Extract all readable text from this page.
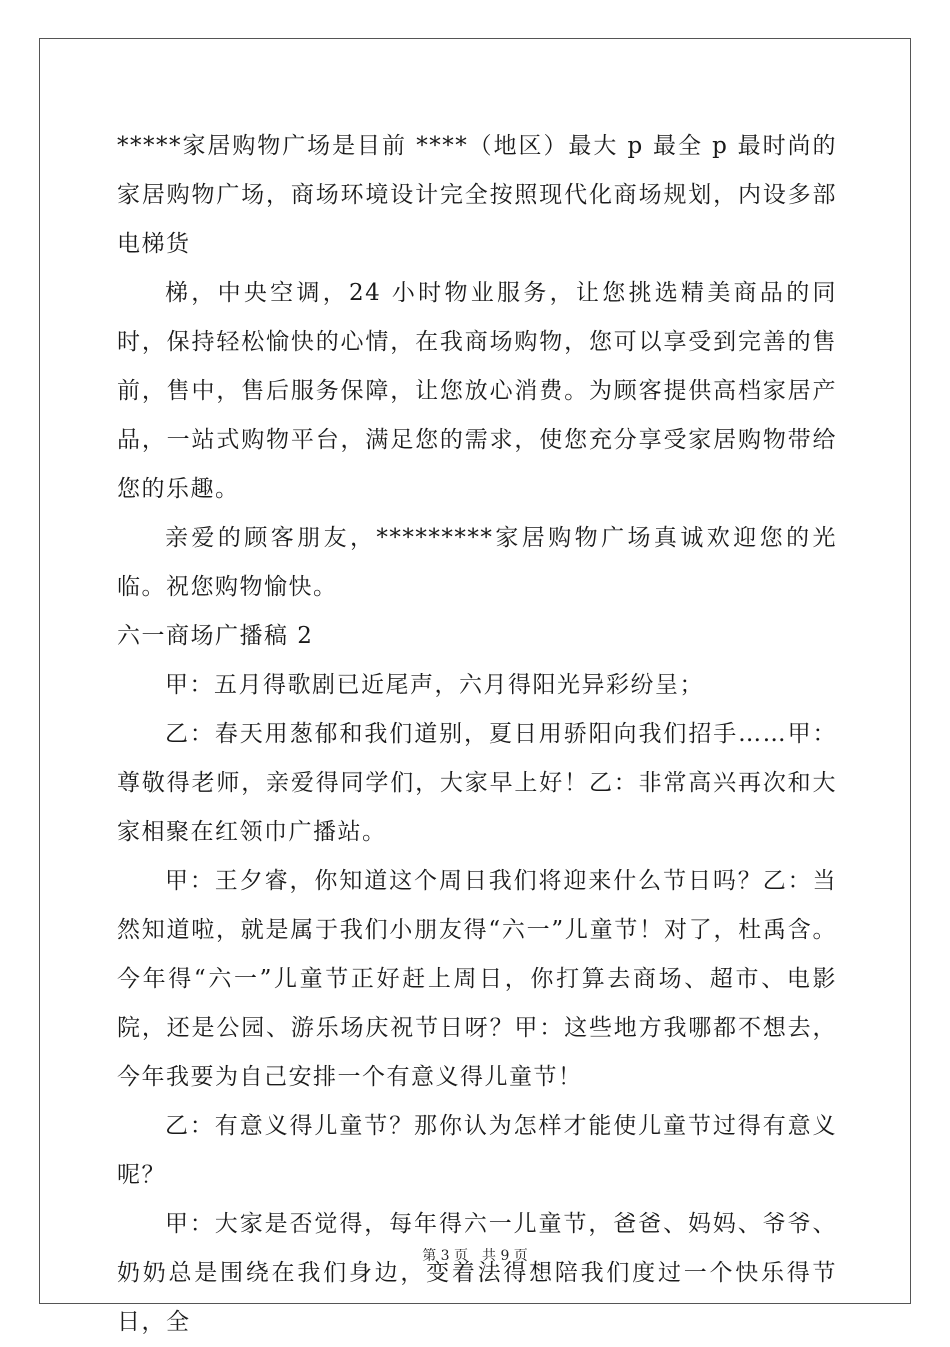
*****家居购物广场是目前 ****（地区）最大 p 最全 p 最时尚的家居购物广场，商场环境设计完全按照现代化商场规划，内设多部电梯货

梯，中央空调，24 小时物业服务，让您挑选精美商品的同时，保持轻松愉快的心情，在我商场购物，您可以享受到完善的售前，售中，售后服务保障，让您放心消费。为顾客提供高档家居产品，一站式购物平台，满足您的需求，使您充分享受家居购物带给您的乐趣。

亲爱的顾客朋友，*********家居购物广场真诚欢迎您的光临。祝您购物愉快。

六一商场广播稿 2

甲：五月得歌剧已近尾声，六月得阳光异彩纷呈；

乙：春天用葱郁和我们道别，夏日用骄阳向我们招手……甲：尊敬得老师，亲爱得同学们，大家早上好！乙：非常高兴再次和大家相聚在红领巾广播站。

甲：王夕睿，你知道这个周日我们将迎来什么节日吗？乙：当然知道啦，就是属于我们小朋友得“六一”儿童节！对了，杜禹含。今年得“六一”儿童节正好赶上周日，你打算去商场、超市、电影院，还是公园、游乐场庆祝节日呀？甲：这些地方我哪都不想去，今年我要为自己安排一个有意义得儿童节！

乙：有意义得儿童节？那你认为怎样才能使儿童节过得有意义呢？

甲：大家是否觉得，每年得六一儿童节，爸爸、妈妈、爷爷、奶奶总是围绕在我们身边，变着法得想陪我们度过一个快乐得节日，全

第 3 页　共 9 页
